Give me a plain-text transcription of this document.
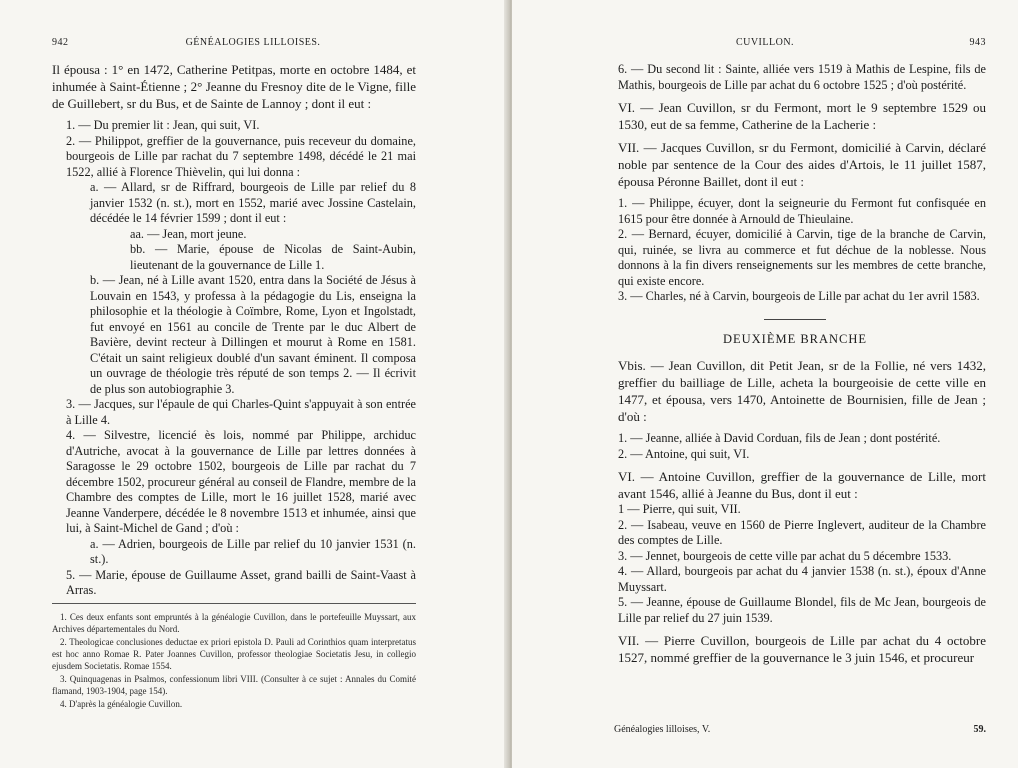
942	GÉNÉALOGIES LILLOISES.

Il épousa : 1° en 1472, Catherine Petitpas, morte en octobre 1484, et inhumée à Saint-Étienne ; 2° Jeanne du Fresnoy dite de le Vigne, fille de Guillebert, sr du Bus, et de Sainte de Lannoy ; dont il eut :

1. — Du premier lit : Jean, qui suit, VI.

2. — Philippot, greffier de la gouvernance, puis receveur du domaine, bourgeois de Lille par rachat du 7 septembre 1498, décédé le 21 mai 1522, allié à Florence Thièvelin, qui lui donna :

a. — Allard, sr de Riffrard, bourgeois de Lille par relief du 8 janvier 1532 (n. st.), mort en 1552, marié avec Jossine Castelain, décédée le 14 février 1599 ; dont il eut :

aa. — Jean, mort jeune.

bb. — Marie, épouse de Nicolas de Saint-Aubin, lieutenant de la gouvernance de Lille 1.

b. — Jean, né à Lille avant 1520, entra dans la Société de Jésus à Louvain en 1543, y professa à la pédagogie du Lis, enseigna la philosophie et la théologie à Coïmbre, Rome, Lyon et Ingolstadt, fut envoyé en 1561 au concile de Trente par le duc Albert de Bavière, devint recteur à Dillingen et mourut à Rome en 1581. C'était un saint religieux doublé d'un savant éminent. Il composa un ouvrage de théologie très réputé de son temps 2. — Il écrivit de plus son autobiographie 3.

3. — Jacques, sur l'épaule de qui Charles-Quint s'appuyait à son entrée à Lille 4.

4. — Silvestre, licencié ès lois, nommé par Philippe, archiduc d'Autriche, avocat à la gouvernance de Lille par lettres données à Saragosse le 29 octobre 1502, bourgeois de Lille par rachat du 7 décembre 1502, procureur général au conseil de Flandre, membre de la Chambre des comptes de Lille, mort le 16 juillet 1528, marié avec Jeanne Vanderpere, décédée le 8 novembre 1513 et inhumée, ainsi que lui, à Saint-Michel de Gand ; d'où :

a. — Adrien, bourgeois de Lille par relief du 10 janvier 1531 (n. st.).

5. — Marie, épouse de Guillaume Asset, grand bailli de Saint-Vaast à Arras.

1. Ces deux enfants sont empruntés à la généalogie Cuvillon, dans le portefeuille Muyssart, aux Archives départementales du Nord.

2. Theologicae conclusiones deductae ex priori epistola D. Pauli ad Corinthios quam interpretatus est hoc anno Romae R. Pater Joannes Cuvillon, professor theologiae Societatis Jesu, in collegio ejusdem Societatis. Romae 1554.

3. Quinquagenas in Psalmos, confessionum libri VIII. (Consulter à ce sujet : Annales du Comité flamand, 1903-1904, page 154).

4. D'après la généalogie Cuvillon.

CUVILLON.	943

6. — Du second lit : Sainte, alliée vers 1519 à Mathis de Lespine, fils de Mathis, bourgeois de Lille par achat du 6 octobre 1525 ; d'où postérité.

VI. — Jean Cuvillon, sr du Fermont, mort le 9 septembre 1529 ou 1530, eut de sa femme, Catherine de la Lacherie :

VII. — Jacques Cuvillon, sr du Fermont, domicilié à Carvin, déclaré noble par sentence de la Cour des aides d'Artois, le 11 juillet 1587, épousa Péronne Baillet, dont il eut :

1. — Philippe, écuyer, dont la seigneurie du Fermont fut confisquée en 1615 pour être donnée à Arnould de Thieulaine.

2. — Bernard, écuyer, domicilié à Carvin, tige de la branche de Carvin, qui, ruinée, se livra au commerce et fut déchue de la noblesse. Nous donnons à la fin divers renseignements sur les membres de cette branche, qui existe encore.

3. — Charles, né à Carvin, bourgeois de Lille par achat du 1er avril 1583.

DEUXIÈME BRANCHE

Vbis. — Jean Cuvillon, dit Petit Jean, sr de la Follie, né vers 1432, greffier du bailliage de Lille, acheta la bourgeoisie de cette ville en 1477, et épousa, vers 1470, Antoinette de Bournisien, fille de Jean ; d'où :

1. — Jeanne, alliée à David Corduan, fils de Jean ; dont postérité.

2. — Antoine, qui suit, VI.

VI. — Antoine Cuvillon, greffier de la gouvernance de Lille, mort avant 1546, allié à Jeanne du Bus, dont il eut :

1 — Pierre, qui suit, VII.

2. — Isabeau, veuve en 1560 de Pierre Inglevert, auditeur de la Chambre des comptes de Lille.

3. — Jennet, bourgeois de cette ville par achat du 5 décembre 1533.

4. — Allard, bourgeois par achat du 4 janvier 1538 (n. st.), époux d'Anne Muyssart.

5. — Jeanne, épouse de Guillaume Blondel, fils de Mc Jean, bourgeois de Lille par relief du 27 juin 1539.

VII. — Pierre Cuvillon, bourgeois de Lille par achat du 4 octobre 1527, nommé greffier de la gouvernance le 3 juin 1546, et procureur

Généalogies lilloises, V.	59.
